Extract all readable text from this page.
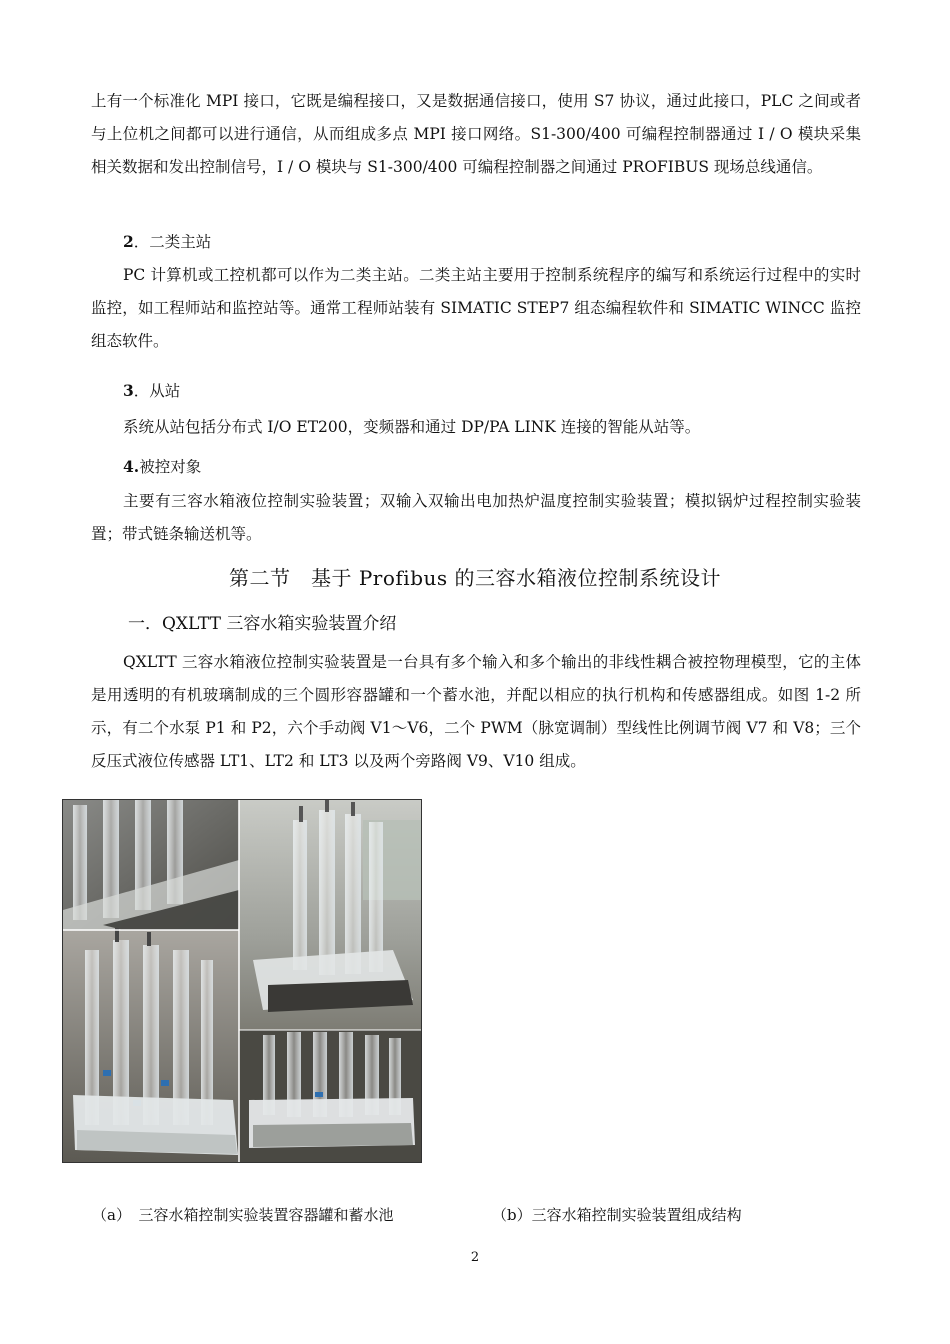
上有一个标准化 MPI 接口，它既是编程接口，又是数据通信接口，使用 S7 协议，通过此接口，PLC 之间或者与上位机之间都可以进行通信，从而组成多点 MPI 接口网络。S1-300/400 可编程控制器通过 I / O 模块采集相关数据和发出控制信号，I / O 模块与 S1-300/400 可编程控制器之间通过 PROFIBUS 现场总线通信。

2．二类主站

PC 计算机或工控机都可以作为二类主站。二类主站主要用于控制系统程序的编写和系统运行过程中的实时监控，如工程师站和监控站等。通常工程师站装有 SIMATIC STEP7 组态编程软件和 SIMATIC WINCC 监控组态软件。

3．从站

系统从站包括分布式 I/O ET200，变频器和通过 DP/PA LINK 连接的智能从站等。

4.被控对象

主要有三容水箱液位控制实验装置；双输入双输出电加热炉温度控制实验装置；模拟锅炉过程控制实验装置；带式链条输送机等。

第二节　基于 Profibus 的三容水箱液位控制系统设计

一．QXLTT 三容水箱实验装置介绍

QXLTT 三容水箱液位控制实验装置是一台具有多个输入和多个输出的非线性耦合被控物理模型，它的主体是用透明的有机玻璃制成的三个圆形容器罐和一个蓄水池，并配以相应的执行机构和传感器组成。如图 1-2 所示，有二个水泵 P1 和 P2，六个手动阀 V1～V6，二个 PWM（脉宽调制）型线性比例调节阀 V7 和 V8；三个反压式液位传感器 LT1、LT2 和 LT3 以及两个旁路阀 V9、V10 组成。

（a）　三容水箱控制实验装置容器罐和蓄水池	（b）三容水箱控制实验装置组成结构

2
